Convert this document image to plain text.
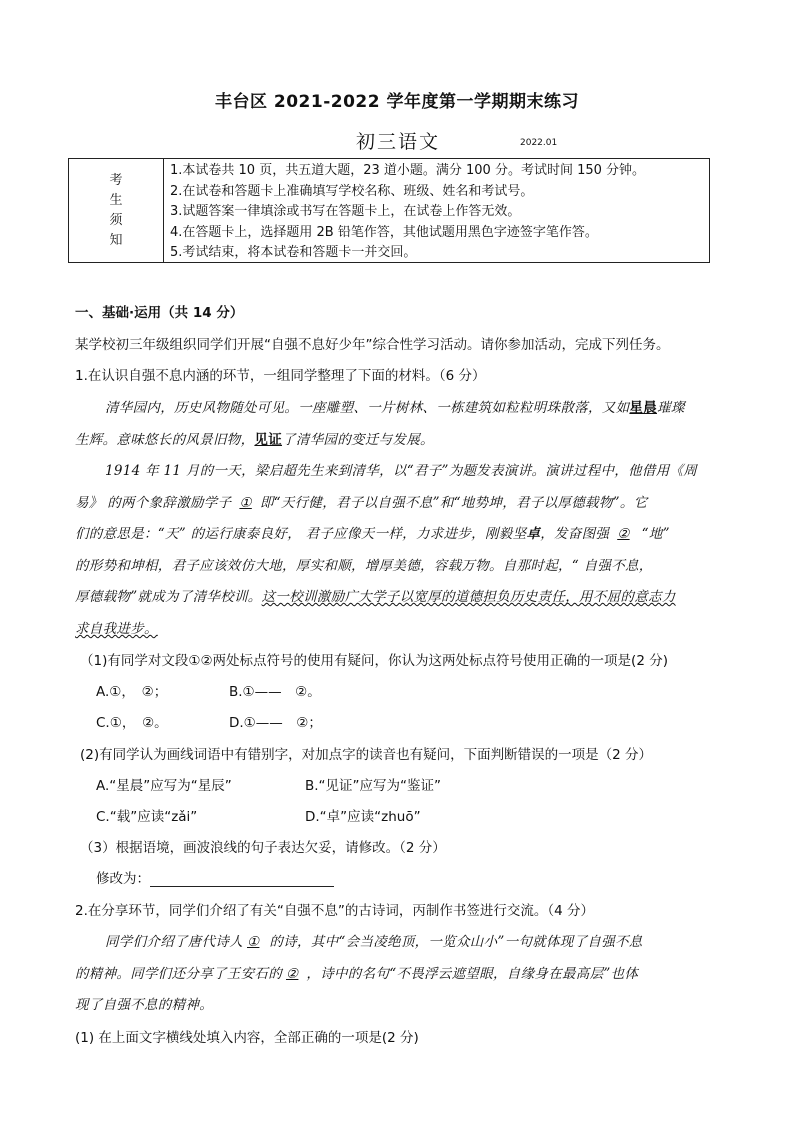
丰台区 2021-2022 学年度第一学期期末练习
初三语文	2022.01
考
生
须
知
1.本试卷共 10 页，共五道大题，23 道小题。满分 100 分。考试时间 150 分钟。
2.在试卷和答题卡上准确填写学校名称、班级、姓名和考试号。
3.试题答案一律填涂或书写在答题卡上，在试卷上作答无效。
4.在答题卡上，选择题用 2B 铅笔作答，其他试题用黑色字迹签字笔作答。
5.考试结束，将本试卷和答题卡一并交回。
一、基础·运用（共 14 分）
某学校初三年级组织同学们开展“自强不息好少年”综合性学习活动。请你参加活动，完成下列任务。
1.在认识自强不息内涵的环节，一组同学整理了下面的材料。（6 分）
清华园内，历史风物随处可见。一座雕塑、一片树林、一栋建筑如粒粒明珠散落，又如星晨璀璨
生辉。意味悠长的风景旧物，见证了清华园的变迁与发展。
1914 年 11 月的一天，梁启超先生来到清华，以“君子”为题发表演讲。演讲过程中，他借用《周
易》 的两个象辞激励学子 ① 即“天行健，君子以自强不息”和“地势坤，君子以厚德载物”。它
们的意思是：“天” 的运行康泰良好， 君子应像天一样，力求进步，刚毅坚卓，发奋图强 ② “地”
的形势和坤相，君子应该效仿大地，厚实和顺，增厚美德，容载万物。自那时起，“ 自强不息，
厚德载物”就成为了清华校训。这一校训激励广大学子以宽厚的道德担负历史责任，用不屈的意志力
求自我进步。
（1)有同学对文段①②两处标点符号的使用有疑问，你认为这两处标点符号使用正确的一项是(2 分)
A.①，　②；	B.①——　②。
C.①，　②。	D.①——　②；
(2)有同学认为画线词语中有错别字，对加点字的读音也有疑问，下面判断错误的一项是（2 分）
A.“星晨”应写为“星辰”	B.“见证”应写为“鉴证”
C.“载”应读“zǎi”	D.“卓”应读“zhuō”
（3）根据语境，画波浪线的句子表达欠妥，请修改。（2 分）
修改为：
2.在分享环节，同学们介绍了有关“自强不息”的古诗词，丙制作书签进行交流。（4 分）
同学们介绍了唐代诗人 ① 的诗，其中“会当凌绝顶，一览众山小”一句就体现了自强不息
的精神。同学们还分享了王安石的 ② ，诗中的名句“不畏浮云遮望眼，自缘身在最高层”也体
现了自强不息的精神。
(1) 在上面文字横线处填入内容，全部正确的一项是(2 分)
